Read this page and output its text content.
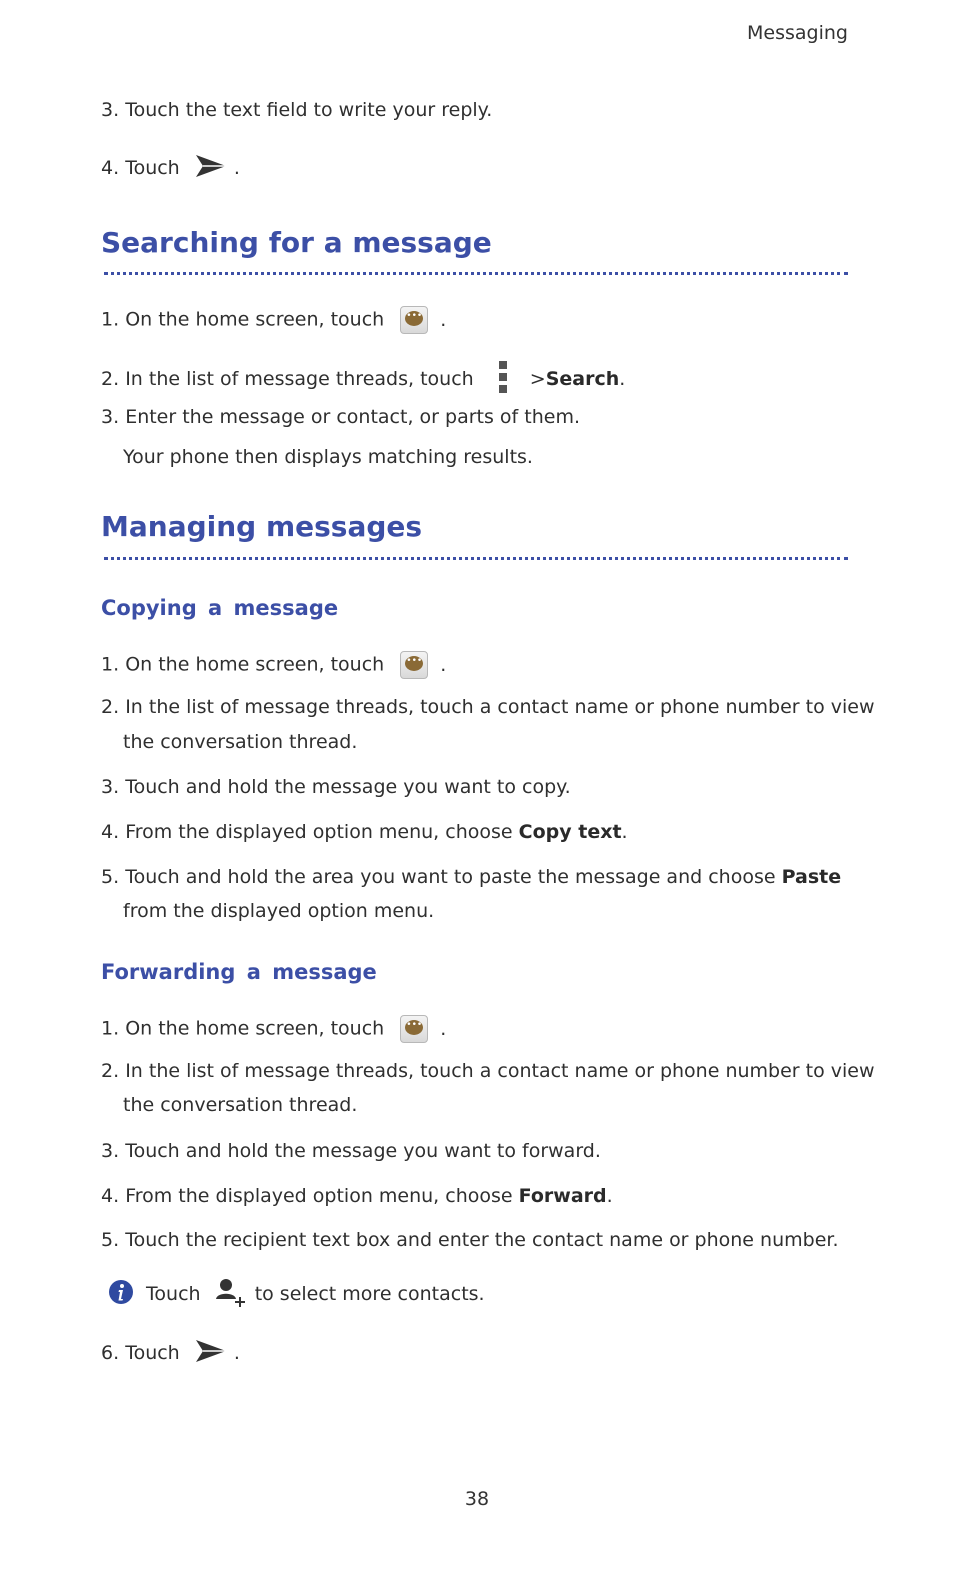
Messaging
3. Touch the text field to write your reply.
4. Touch	.
Searching for a message
1. On the home screen, touch	••• .
2. In the list of message threads, touch	>Search.
3. Enter the message or contact, or parts of them.
Your phone then displays matching results.
Managing messages
Copying a message
1. On the home screen, touch	••• .
2. In the list of message threads, touch a contact name or phone number to view
the conversation thread.
3. Touch and hold the message you want to copy.
4. From the displayed option menu, choose Copy text.
5. Touch and hold the area you want to paste the message and choose Paste
from the displayed option menu.
Forwarding a message
1. On the home screen, touch	••• .
2. In the list of message threads, touch a contact name or phone number to view
the conversation thread.
3. Touch and hold the message you want to forward.
4. From the displayed option menu, choose Forward.
5. Touch the recipient text box and enter the contact name or phone number.
Touch	to select more contacts.
6. Touch	.
38
